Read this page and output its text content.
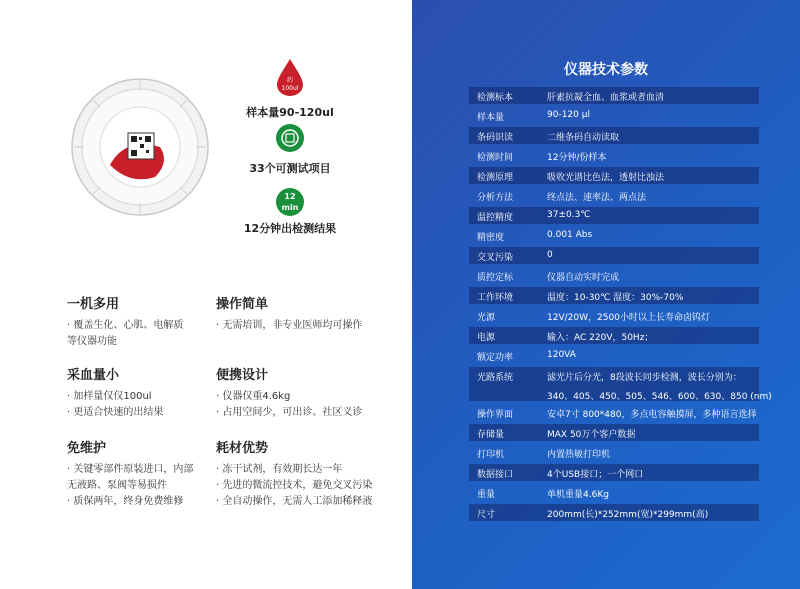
约
100ul
样本量90-120ul
33个可测试项目
12
min
12分钟出检测结果
一机多用
· 覆盖生化、心肌、电解质
等仪器功能
操作简单
· 无需培训，非专业医师均可操作
采血量小
· 加样量仅仅100ul
· 更适合快速的出结果
便携设计
· 仪器仅重4.6kg
· 占用空间少，可出诊、社区义诊
免维护
· 关键零部件原装进口，内部
无液路、泵阀等易损件
· 质保两年，终身免费维修
耗材优势
· 冻干试剂，有效期长达一年
· 先进的微流控技术，避免交叉污染
· 全自动操作，无需人工添加稀释液
仪器技术参数
检测标本	肝素抗凝全血、血浆或者血清
样本量	90-120 μl
条码识读	二维条码自动读取
检测时间	12分钟/份样本
检测原理	吸收光谱比色法，透射比浊法
分析方法	终点法、速率法、两点法
温控精度	37±0.3℃
精密度	0.001 Abs
交叉污染	0
质控定标	仪器自动实时完成
工作环境	温度：10-30℃ 湿度：30%-70%
光源	12V/20W，2500小时以上长寿命卤钨灯
电源	输入：AC 220V，50Hz；
额定功率	120VA
光路系统	滤光片后分光，8段波长同步检测，波长分别为：
340、405、450、505、546、600、630、850 (nm)
操作界面	安卓7寸 800*480，多点电容触摸屏，多种语言选择
存储量	MAX 50万个客户数据
打印机	内置热敏打印机
数据接口	4个USB接口；一个网口
重量	单机重量4.6Kg
尺寸	200mm(长)*252mm(宽)*299mm(高)
